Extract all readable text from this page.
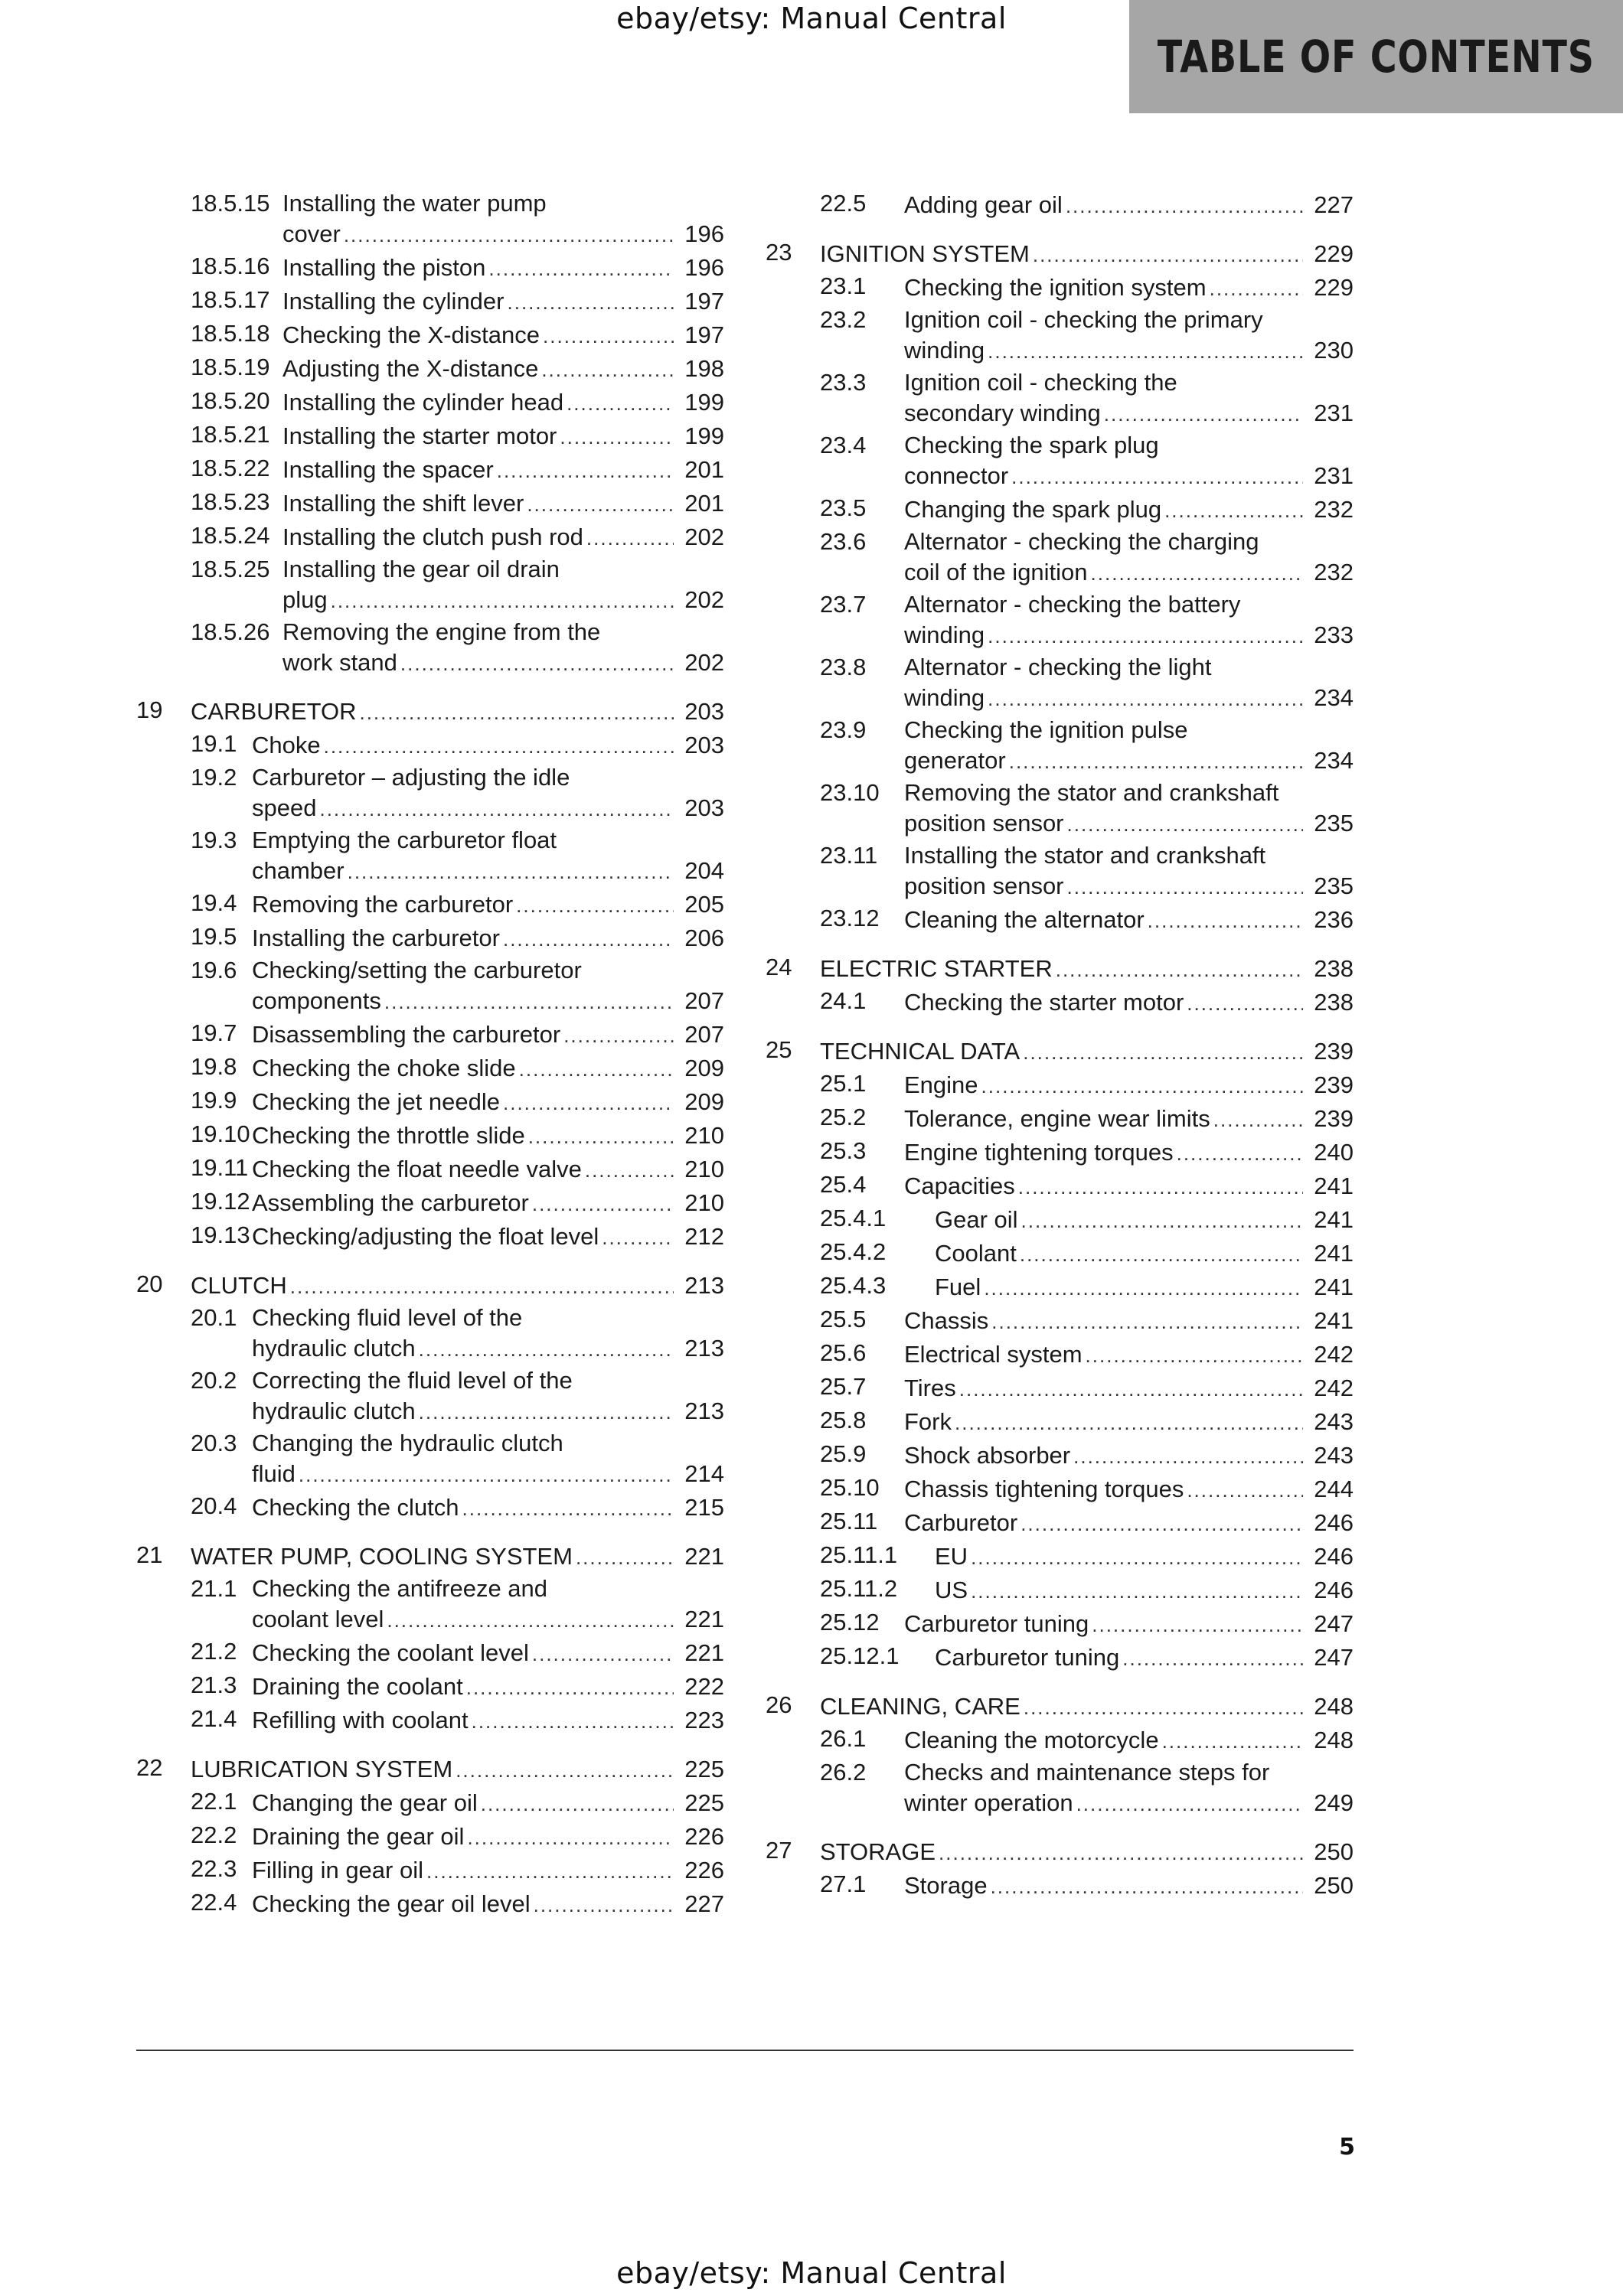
ebay/etsy: Manual Central
TABLE OF CONTENTS
18.5.15 Installing the water pump
cover .....	196
18.5.16 Installing the piston .....	196
18.5.17 Installing the cylinder .....	197
18.5.18 Checking the X-distance .....	197
18.5.19 Adjusting the X-distance .....	198
18.5.20 Installing the cylinder head .....	199
18.5.21 Installing the starter motor .....	199
18.5.22 Installing the spacer .....	201
18.5.23 Installing the shift lever .....	201
18.5.24 Installing the clutch push rod .....	202
18.5.25 Installing the gear oil drain
plug .....	202
18.5.26 Removing the engine from the
work stand .....	202
19 CARBURETOR .....	203
19.1 Choke .....	203
19.2 Carburetor – adjusting the idle
speed .....	203
19.3 Emptying the carburetor float
chamber .....	204
19.4 Removing the carburetor .....	205
19.5 Installing the carburetor .....	206
19.6 Checking/setting the carburetor
components .....	207
19.7 Disassembling the carburetor .....	207
19.8 Checking the choke slide .....	209
19.9 Checking the jet needle .....	209
19.10 Checking the throttle slide .....	210
19.11 Checking the float needle valve .....	210
19.12 Assembling the carburetor .....	210
19.13 Checking/adjusting the float level .....	212
20 CLUTCH .....	213
20.1 Checking fluid level of the
hydraulic clutch .....	213
20.2 Correcting the fluid level of the
hydraulic clutch .....	213
20.3 Changing the hydraulic clutch
fluid .....	214
20.4 Checking the clutch .....	215
21 WATER PUMP, COOLING SYSTEM .....	221
21.1 Checking the antifreeze and
coolant level .....	221
21.2 Checking the coolant level .....	221
21.3 Draining the coolant .....	222
21.4 Refilling with coolant .....	223
22 LUBRICATION SYSTEM .....	225
22.1 Changing the gear oil .....	225
22.2 Draining the gear oil .....	226
22.3 Filling in gear oil .....	226
22.4 Checking the gear oil level .....	227
22.5 Adding gear oil .....	227
23 IGNITION SYSTEM .....	229
23.1 Checking the ignition system .....	229
23.2 Ignition coil - checking the primary
winding .....	230
23.3 Ignition coil - checking the
secondary winding .....	231
23.4 Checking the spark plug
connector .....	231
23.5 Changing the spark plug .....	232
23.6 Alternator - checking the charging
coil of the ignition .....	232
23.7 Alternator - checking the battery
winding .....	233
23.8 Alternator - checking the light
winding .....	234
23.9 Checking the ignition pulse
generator .....	234
23.10 Removing the stator and crankshaft
position sensor .....	235
23.11 Installing the stator and crankshaft
position sensor .....	235
23.12 Cleaning the alternator .....	236
24 ELECTRIC STARTER .....	238
24.1 Checking the starter motor .....	238
25 TECHNICAL DATA .....	239
25.1 Engine .....	239
25.2 Tolerance, engine wear limits .....	239
25.3 Engine tightening torques .....	240
25.4 Capacities .....	241
25.4.1 Gear oil .....	241
25.4.2 Coolant .....	241
25.4.3 Fuel .....	241
25.5 Chassis .....	241
25.6 Electrical system .....	242
25.7 Tires .....	242
25.8 Fork .....	243
25.9 Shock absorber .....	243
25.10 Chassis tightening torques .....	244
25.11 Carburetor .....	246
25.11.1 EU .....	246
25.11.2 US .....	246
25.12 Carburetor tuning .....	247
25.12.1 Carburetor tuning .....	247
26 CLEANING, CARE .....	248
26.1 Cleaning the motorcycle .....	248
26.2 Checks and maintenance steps for
winter operation .....	249
27 STORAGE .....	250
27.1 Storage .....	250
5
ebay/etsy: Manual Central
